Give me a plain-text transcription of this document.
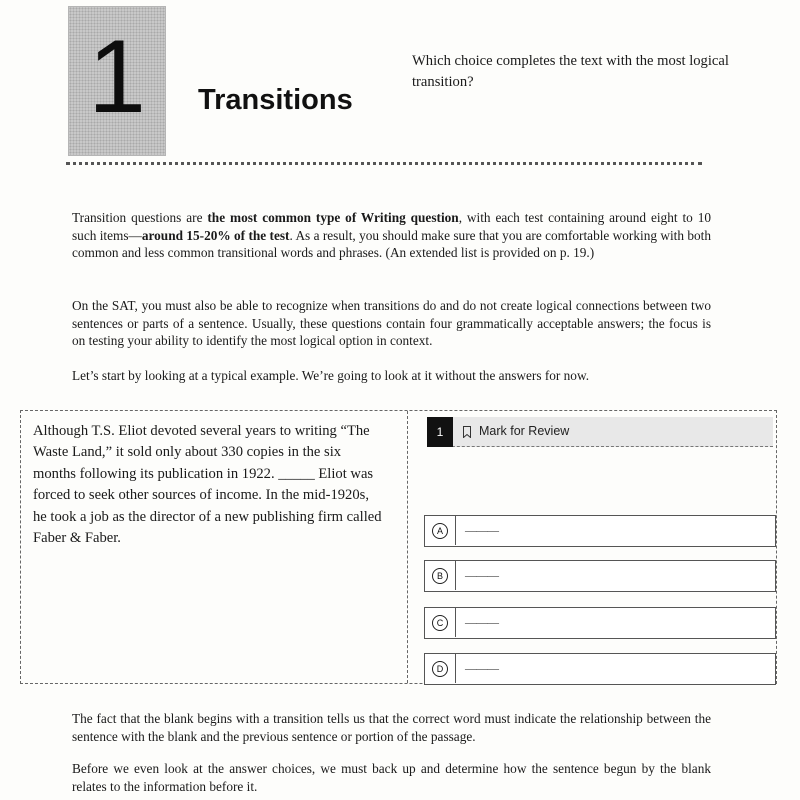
1	Transitions

Transition questions are the most common type of Writing question, with each test containing around eight to 10 such items—around 15-20% of the test. As a result, you should make sure that you are comfortable working with both common and less common transitional words and phrases. (An extended list is provided on p. 19.)

On the SAT, you must also be able to recognize when transitions do and do not create logical connections between two sentences or parts of a sentence. Usually, these questions contain four grammatically acceptable answers; the focus is on testing your ability to identify the most logical option in context.

Let’s start by looking at a typical example. We’re going to look at it without the answers for now.

Although T.S. Eliot devoted several years to writing “The Waste Land,” it sold only about 330 copies in the six months following its publication in 1922. _____ Eliot was forced to seek other sources of income. In the mid-1920s, he took a job as the director of a new publishing firm called Faber & Faber.

1	Mark for Review

Which choice completes the text with the most logical transition?

A	———
B	———
C	———
D	———

The fact that the blank begins with a transition tells us that the correct word must indicate the relationship between the sentence with the blank and the previous sentence or portion of the passage.

Before we even look at the answer choices, we must back up and determine how the sentence begun by the blank relates to the information before it.
